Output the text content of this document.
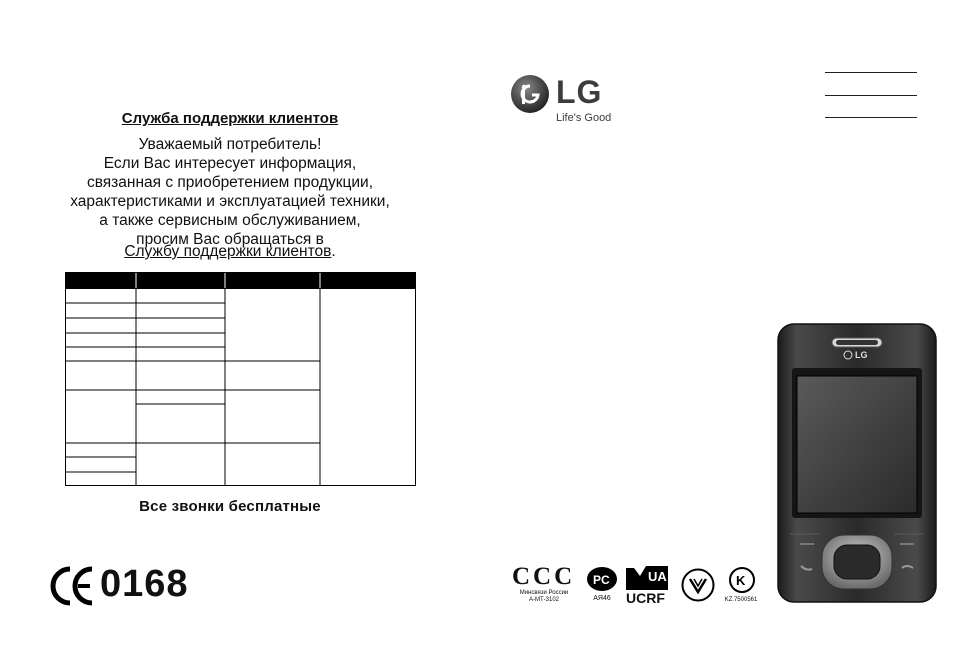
Служба поддержки клиентов
Уважаемый потребитель!
Если Вас интересует информация,
связанная с приобретением продукции,
характеристиками и эксплуатацией техники,
а также сервисным обслуживанием,
просим Вас обращаться в
Службу поддержки клиентов.
Все звонки бесплатные
0168
LG
Life's Good
LG
CCC
Минсвязи России
А-МТ-3102
PC
АЯ46
UA
UCRF
K
KZ.7500561
